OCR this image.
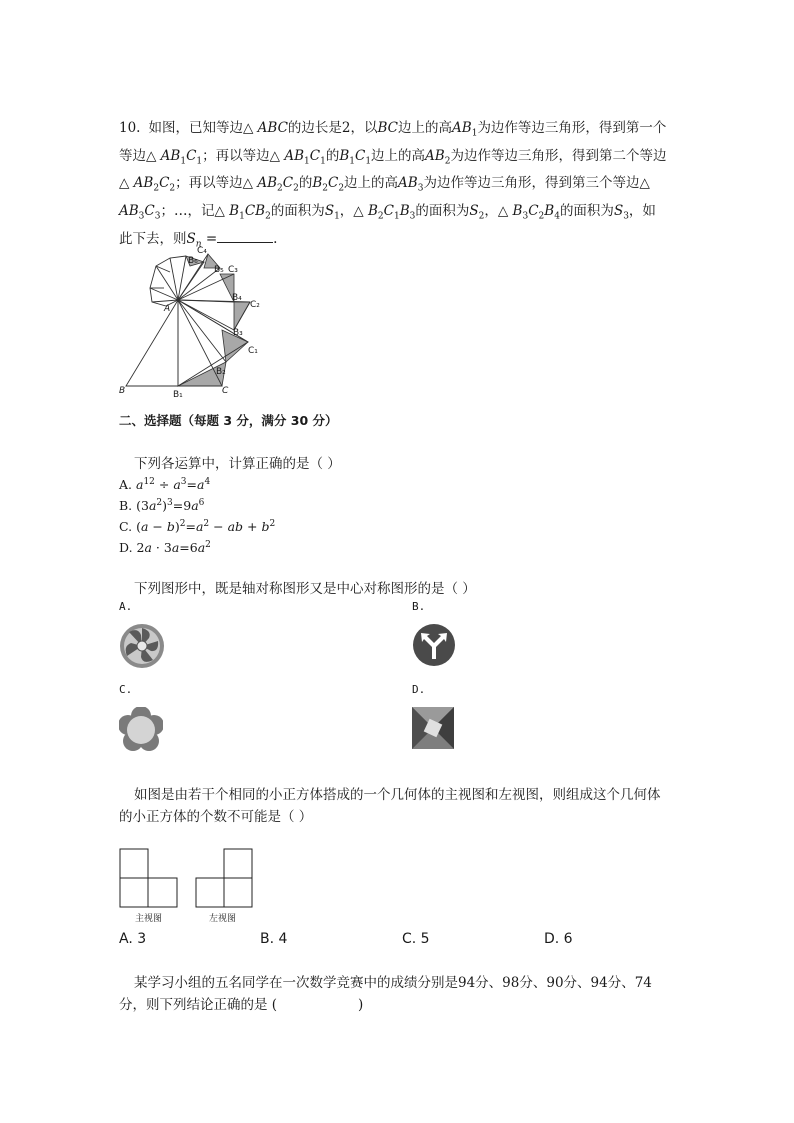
10. 如图，已知等边△ ABC的边长是2，以BC边上的高$AB_1$为边作等边三角形，得到第一个等边△ $AB_1C_1$；再以等边△ $AB_1C_1$的$B_1C_1$边上的高$AB_2$为边作等边三角形，得到第二个等边△ $AB_2C_2$；再以等边△ $AB_2C_2$的$B_2C_2$边上的高$AB_3$为边作等边三角形，得到第三个等边△ $AB_3C_3$；…，记△ $B_1CB_2$的面积为$S_1$，△ $B_2C_1B_3$的面积为$S_2$，△ $B_3C_2B_4$的面积为$S_3$，如此下去，则$S_n$ =	.
A
B	C
B₁
B₂
C₁
B₃
C₂
B₄
C₃
B₅
B₆
C₄
二、选择题（每题 3 分，满分 30 分）
下列各运算中，计算正确的是（ ）
A. $a^{12} \div a^3=a^4$
B. $(3a^2)^3=9a^6$
C. $(a - b)^2=a^2$ − ab + $b^2$
D. $2a \cdot 3a=6a^2$
下列图形中，既是轴对称图形又是中心对称图形的是（ ）
A.	B.
C.	D.
如图是由若干个相同的小正方体搭成的一个几何体的主视图和左视图，则组成这个几何体的小正方体的个数不可能是（ ）
主视图	左视图
A. 3	B. 4	C. 5	D. 6
某学习小组的五名同学在一次数学竞赛中的成绩分别是94分、98分、90分、94分、74分，则下列结论正确的是 (　　　　　　)
